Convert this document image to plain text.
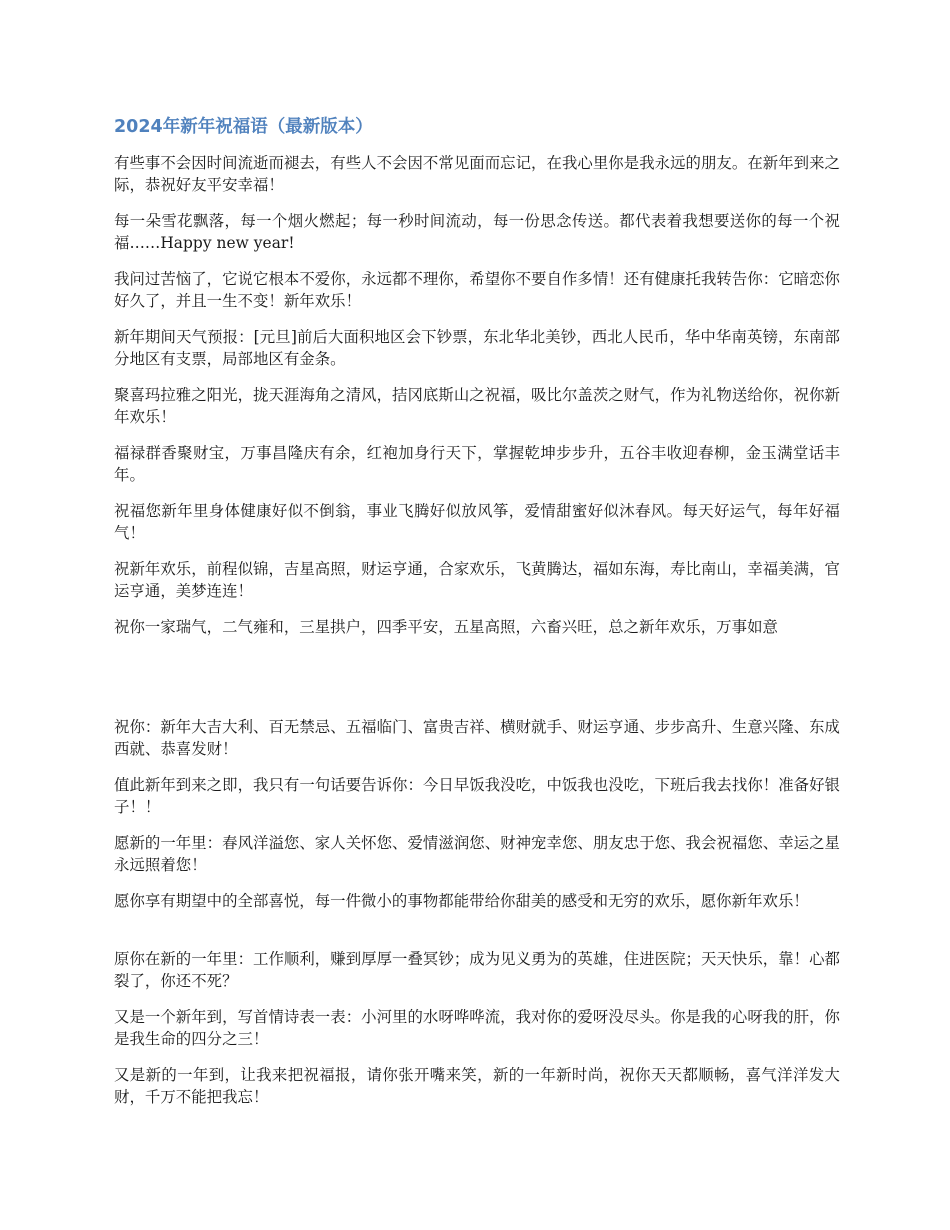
2024年新年祝福语（最新版本）

有些事不会因时间流逝而褪去，有些人不会因不常见面而忘记，在我心里你是我永远的朋友。在新年到来之际，恭祝好友平安幸福！

每一朵雪花飘落，每一个烟火燃起；每一秒时间流动，每一份思念传送。都代表着我想要送你的每一个祝福……Happy new year!

我问过苦恼了，它说它根本不爱你，永远都不理你，希望你不要自作多情！还有健康托我转告你：它暗恋你好久了，并且一生不变！新年欢乐！

新年期间天气预报：[元旦]前后大面积地区会下钞票，东北华北美钞，西北人民币，华中华南英镑，东南部分地区有支票，局部地区有金条。

聚喜玛拉雅之阳光，拢天涯海角之清风，拮冈底斯山之祝福，吸比尔盖茨之财气，作为礼物送给你，祝你新年欢乐！

福禄群香聚财宝，万事昌隆庆有余，红袍加身行天下，掌握乾坤步步升，五谷丰收迎春柳，金玉满堂话丰年。

祝福您新年里身体健康好似不倒翁，事业飞腾好似放风筝，爱情甜蜜好似沐春风。每天好运气，每年好福气！

祝新年欢乐，前程似锦，吉星高照，财运亨通，合家欢乐，飞黄腾达，福如东海，寿比南山，幸福美满，官运亨通，美梦连连！

祝你一家瑞气，二气雍和，三星拱户，四季平安，五星高照，六畜兴旺，总之新年欢乐，万事如意

祝你：新年大吉大利、百无禁忌、五福临门、富贵吉祥、横财就手、财运亨通、步步高升、生意兴隆、东成西就、恭喜发财！

值此新年到来之即，我只有一句话要告诉你：今日早饭我没吃，中饭我也没吃，下班后我去找你！准备好银子！！

愿新的一年里：春风洋溢您、家人关怀您、爱情滋润您、财神宠幸您、朋友忠于您、我会祝福您、幸运之星永远照着您！

愿你享有期望中的全部喜悦，每一件微小的事物都能带给你甜美的感受和无穷的欢乐，愿你新年欢乐！

原你在新的一年里：工作顺利，赚到厚厚一叠冥钞；成为见义勇为的英雄，住进医院；天天快乐，靠！心都裂了，你还不死？

又是一个新年到，写首情诗表一表：小河里的水呀哗哗流，我对你的爱呀没尽头。你是我的心呀我的肝，你是我生命的四分之三！

又是新的一年到，让我来把祝福报，请你张开嘴来笑，新的一年新时尚，祝你天天都顺畅，喜气洋洋发大财，千万不能把我忘！
